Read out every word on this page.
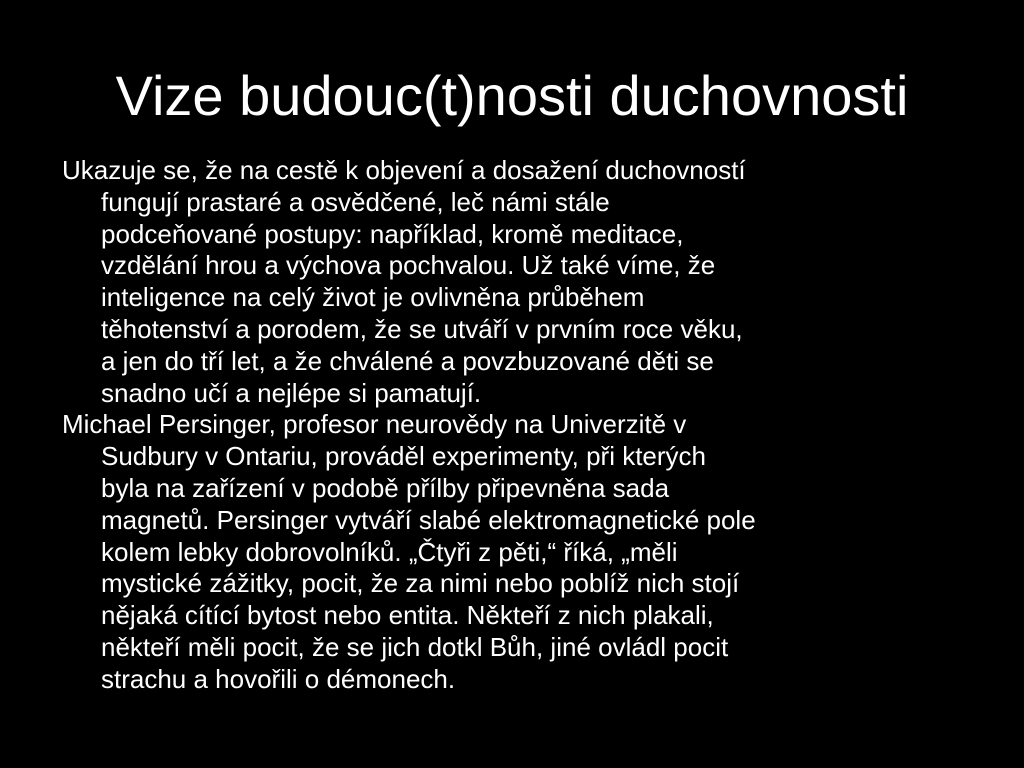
Vize budouc(t)nosti duchovnosti

Ukazuje se, že na cestě k objevení a dosažení duchovností
fungují prastaré a osvědčené, leč námi stále
podceňované postupy: například, kromě meditace,
vzdělání hrou a výchova pochvalou. Už také víme, že
inteligence na celý život je ovlivněna průběhem
těhotenství a porodem, že se utváří v prvním roce věku,
a jen do tří let, a že chválené a povzbuzované děti se
snadno učí a nejlépe si pamatují.

Michael Persinger, profesor neurovědy na Univerzitě v
Sudbury v Ontariu, prováděl experimenty, při kterých
byla na zařízení v podobě přílby připevněna sada
magnetů. Persinger vytváří slabé elektromagnetické pole
kolem lebky dobrovolníků. „Čtyři z pěti,“ říká, „měli
mystické zážitky, pocit, že za nimi nebo poblíž nich stojí
nějaká cítící bytost nebo entita. Někteří z nich plakali,
někteří měli pocit, že se jich dotkl Bůh, jiné ovládl pocit
strachu a hovořili o démonech.
